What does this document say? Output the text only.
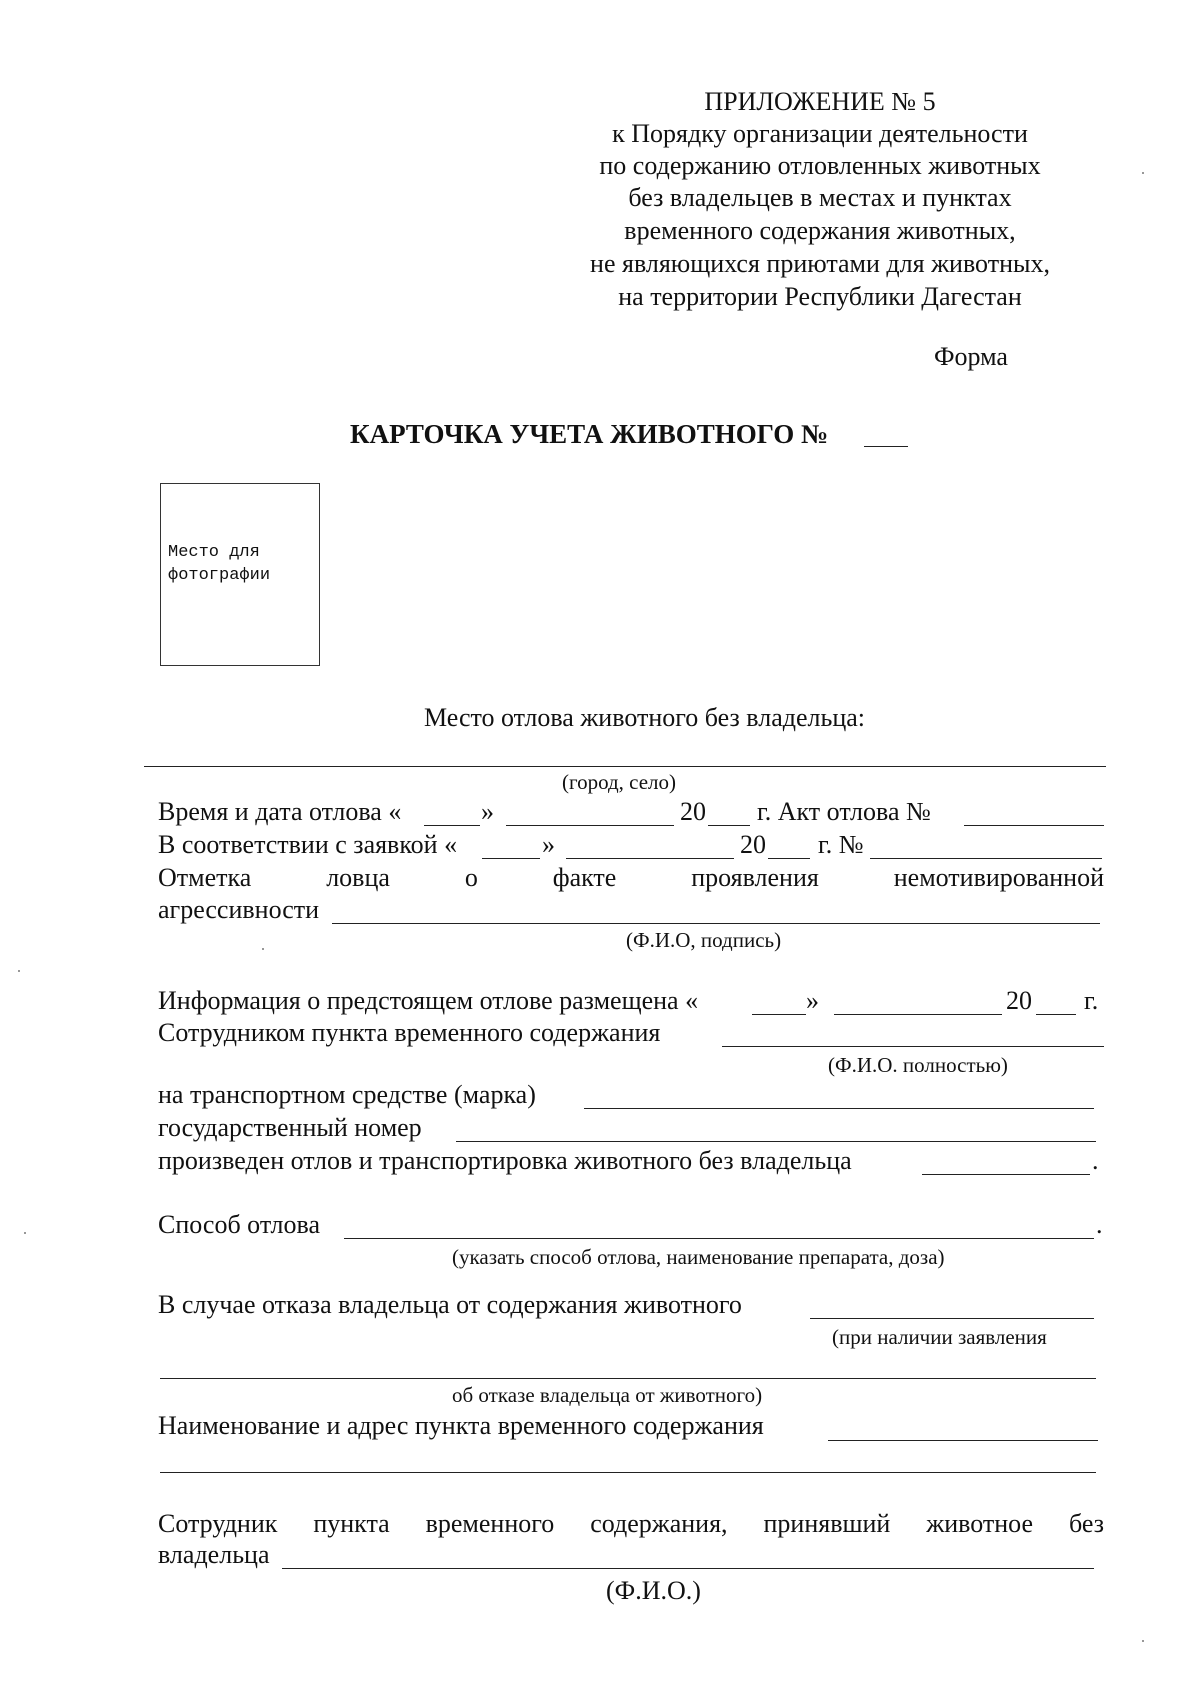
ПРИЛОЖЕНИЕ № 5
к Порядку организации деятельности
по содержанию отловленных животных
без владельцев в местах и пунктах
временного содержания животных,
не являющихся приютами для животных,
на территории Республики Дагестан
Форма
КАРТОЧКА УЧЕТА ЖИВОТНОГО №
Место для
фотографии
Место отлова животного без владельца:
(город, село)
Время и дата отлова «	»	20 г. Акт отлова №
В соответствии с заявкой «	»	20 г. №
Отметка	ловца	о	факте	проявления	немотивированной
агрессивности
(Ф.И.О, подпись)
Информация о предстоящем отлове размещена «	»	20 г.
Сотрудником пункта временного содержания
(Ф.И.О. полностью)
на транспортном средстве (марка)
государственный номер
произведен отлов и транспортировка животного без владельца	.
Способ отлова	.
(указать способ отлова, наименование препарата, доза)
В случае отказа владельца от содержания животного
(при наличии заявления
об отказе владельца от животного)
Наименование и адрес пункта временного содержания
Сотрудник пункта временного содержания, принявший животное без
владельца
(Ф.И.О.)
